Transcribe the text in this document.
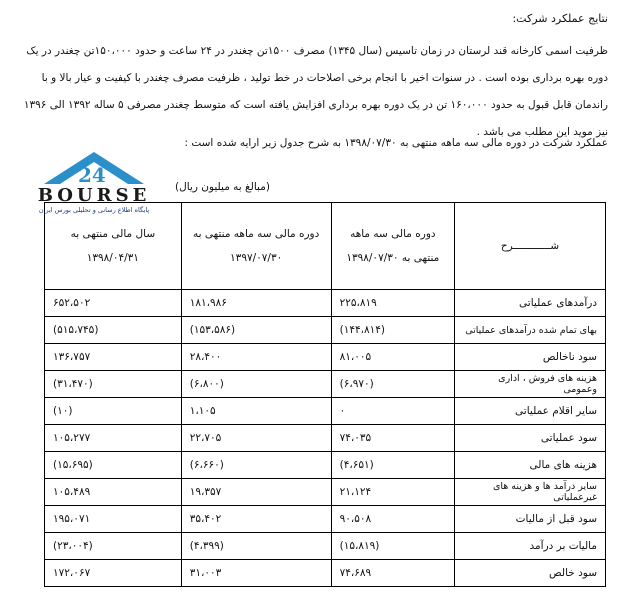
نتایج عملکرد شرکت:
ظرفیت اسمی کارخانه قند لرستان در زمان تاسیس (سال ۱۳۴۵) مصرف ۱۵۰۰تن چغندر در ۲۴ ساعت و حدود ۱۵۰،۰۰۰تن چغندر در یک دوره بهره برداری بوده است . در سنوات اخیر با انجام برخی اصلاحات در خط تولید ، ظرفیت مصرف چغندر با کیفیت و عیار بالا و با راندمان قابل قبول به حدود ۱۶۰،۰۰۰ تن در یک دوره بهره برداری افزایش یافته است که متوسط چغندر مصرفی ۵ ساله ۱۳۹۲ الی ۱۳۹۶ نیز موید این مطلب می باشد .
عملکرد شرکت در دوره مالی سه ماهه منتهی به ۱۳۹۸/۰۷/۳۰ به شرح جدول زیر ارایه شده است :
24
BOURSE
پایگاه اطلاع رسانی و تحلیلی بورس ایران
(مبالغ به میلیون ریال)
شــــــــــــرح	دوره مالی سه ماهه منتهی به ۱۳۹۸/۰۷/۳۰	دوره مالی سه ماهه منتهی به ۱۳۹۷/۰۷/۳۰	سال مالی منتهی به ۱۳۹۸/۰۴/۳۱
درآمدهای عملیاتی	۲۲۵،۸۱۹	۱۸۱،۹۸۶	۶۵۲،۵۰۲
بهای تمام شده درآمدهای عملیاتی	(۱۴۴،۸۱۴)	(۱۵۳،۵۸۶)	(۵۱۵،۷۴۵)
سود ناخالص	۸۱،۰۰۵	۲۸،۴۰۰	۱۳۶،۷۵۷
هزینه های فروش ، اداری وعمومی	(۶،۹۷۰)	(۶،۸۰۰)	(۳۱،۴۷۰)
سایر اقلام عملیاتی	۰	۱،۱۰۵	(۱۰)
سود عملیاتی	۷۴،۰۳۵	۲۲،۷۰۵	۱۰۵،۲۷۷
هزینه های مالی	(۴،۶۵۱)	(۶،۶۶۰)	(۱۵،۶۹۵)
سایر درآمد ها و هزینه های غیرعملیاتی	۲۱،۱۲۴	۱۹،۳۵۷	۱۰۵،۴۸۹
سود قبل از مالیات	۹۰،۵۰۸	۳۵،۴۰۲	۱۹۵،۰۷۱
مالیات بر درآمد	(۱۵،۸۱۹)	(۴،۳۹۹)	(۲۳،۰۰۴)
سود خالص	۷۴،۶۸۹	۳۱،۰۰۳	۱۷۲،۰۶۷
